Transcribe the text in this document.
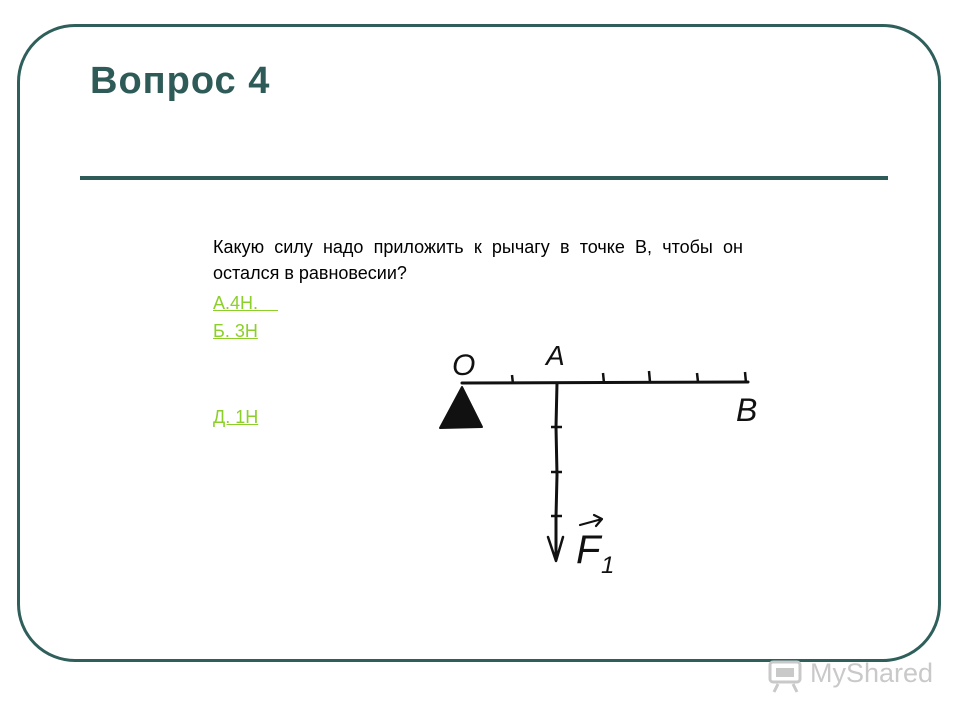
Вопрос 4

Какую силу надо приложить к рычагу в точке В, чтобы он остался в равновесии?

А.4Н.
Б. 3Н
Д. 1Н
O	A
B
F 1
MyShared
